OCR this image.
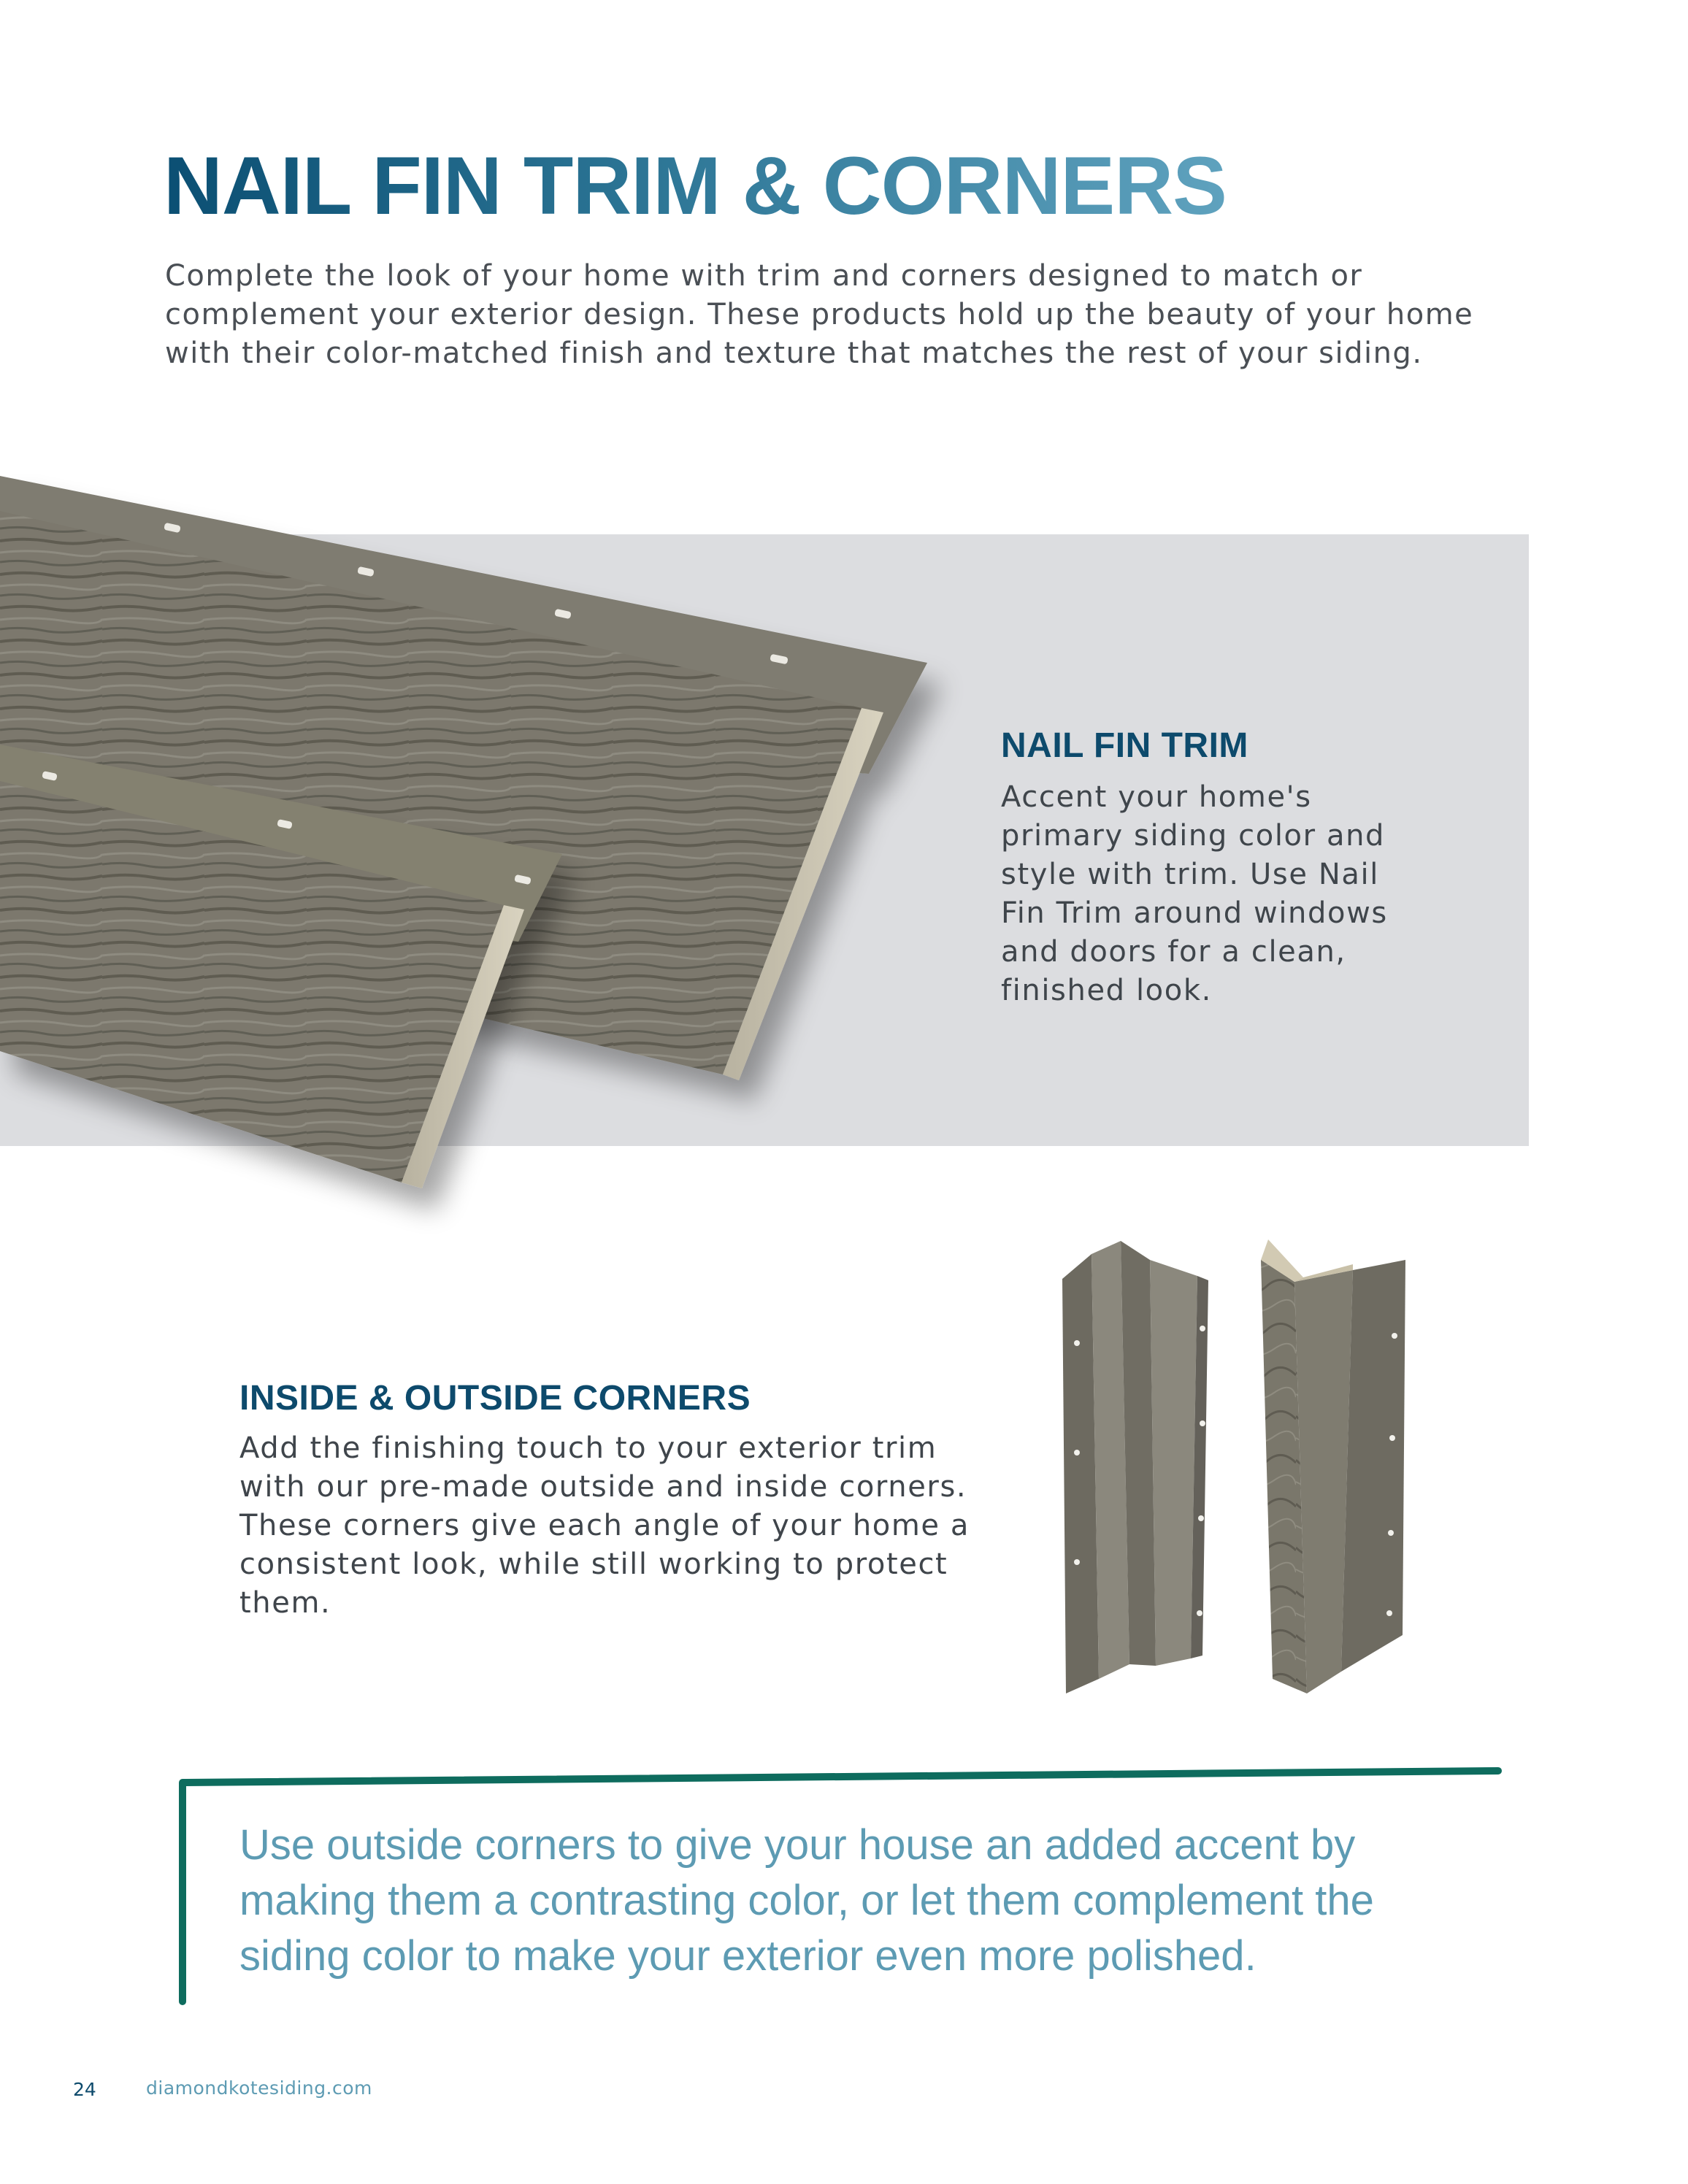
NAIL FIN TRIM & CORNERS

Complete the look of your home with trim and corners designed to match or complement your exterior design. These products hold up the beauty of your home with their color-matched finish and texture that matches the rest of your siding.

NAIL FIN TRIM

Accent your home's primary siding color and style with trim. Use Nail Fin Trim around windows and doors for a clean, finished look.

INSIDE & OUTSIDE CORNERS

Add the finishing touch to your exterior trim with our pre-made outside and inside corners. These corners give each angle of your home a consistent look, while still working to protect them.

Use outside corners to give your house an added accent by making them a contrasting color, or let them complement the siding color to make your exterior even more polished.

24	diamondkotesiding.com
